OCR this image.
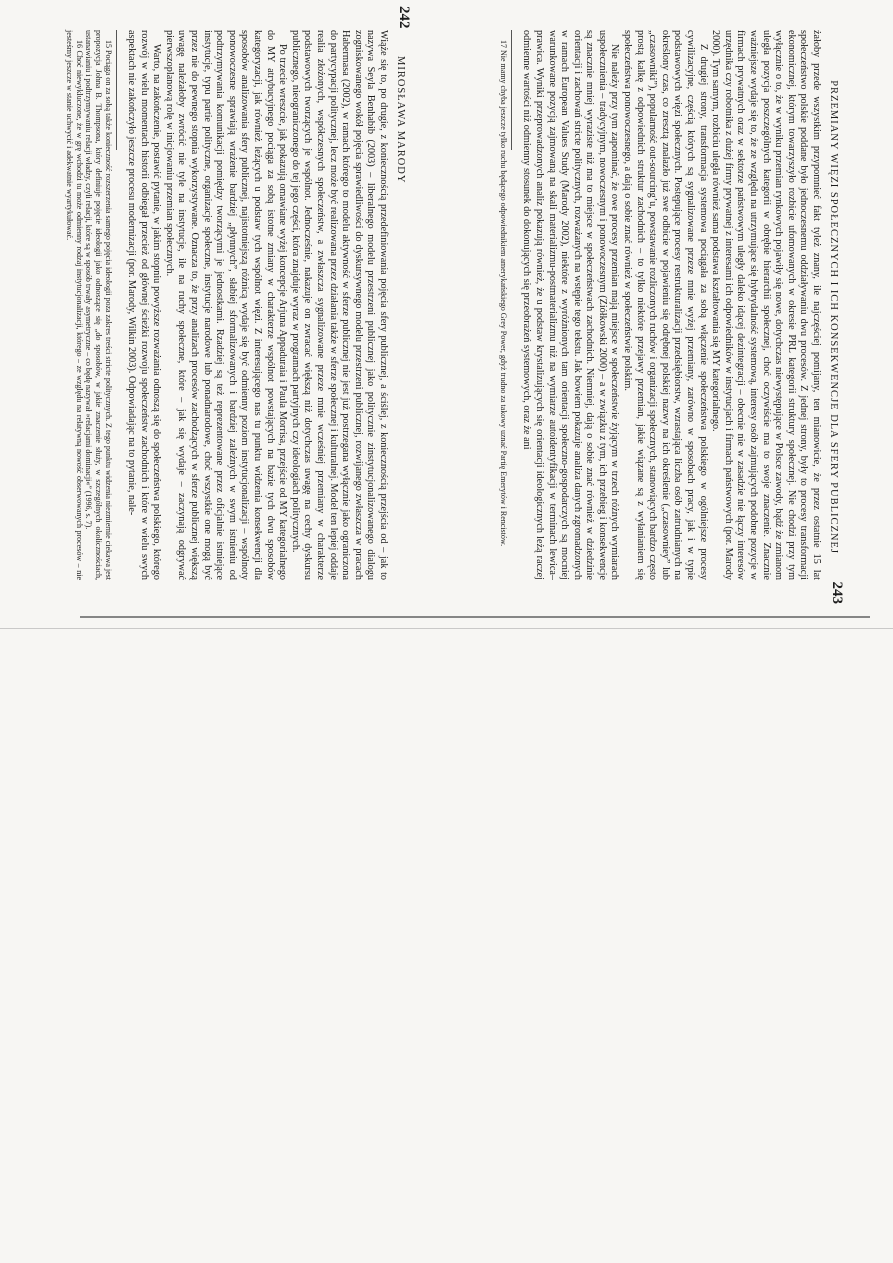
242
MIROSŁAWA MARODY

Wiąże się to, po drugie, z koniecznością przedefiniowania pojęcia sfery publicznej, a ściślej, z koniecznością przejścia od – jak to nazywa Seyla Benhabib (2003) – liberalnego modelu przestrzeni publicznej jako politycznie zinstytucjonalizowanego dialogu zogniskowanego wokół pojęcia sprawiedliwości do dyskursywnego modelu przestrzeni publicznej, rozwijanego zwłaszcza w pracach Habermasa (2002), w ramach którego to modelu aktywność w sferze publicznej nie jest już postrzegana wyłącznie jako ograniczona do partycypacji politycznej, lecz może być realizowana przez działania także w sferze społecznej i kulturalnej. Model ten lepiej oddaje realia złożonych, współczesnych społeczeństw, a zwłaszcza sygnalizowane przeze mnie wcześniej przemiany w charakterze podstawowych tworzących je wspólnot. Jednocześnie, nakazuje on zwracać większą niż dotychczas uwagę na cechy dyskursu publicznego, nieograniczonego do tej jego części, która znajduje wyraz w programach partyjnych czy ideologiach politycznych.

Po trzecie wreszcie, jak pokazują omawiane wyżej koncepcje Arjuna Appaduraia i Paula Morrisa, przejście od MY kategorialnego do MY atrybucyjnego pociąga za sobą istotne zmiany w charakterze wspólnot powstających na bazie tych dwu sposobów kategoryzacji, jak również leżących u podstaw tych wspólnot więzi. Z interesującego nas tu punktu widzenia konsekwencji dla sposobów analizowania sfery publicznej, najistotniejszą różnicą wydaje się być odmienny poziom instytucjonalizacji – wspólnoty ponowoczesne sprawiają wrażenie bardziej „płynnych”, słabiej sformalizowanych i bardziej zależnych w swym istnieniu od podtrzymywania komunikacji pomiędzy tworzącymi je jednostkami. Rzadziej są też reprezentowane przez oficjalnie istniejące instytucje, typu partie polityczne, organizacje społeczne, instytucje narodowe lub ponadnarodowe, choć wszystkie one mogą być przez nie do pewnego stopnia wykorzystywane. Oznacza to, że przy analizach procesów zachodzących w sferze publicznej większą uwagę należałoby zwrócić nie tyle na instytucje, ile na ruchy społeczne, które – jak się wydaje – zaczynają odgrywać pierwszoplanową rolę w inicjowaniu przemian społecznych.

Warto, na zakończenie, postawić pytanie, w jakim stopniu powyższe rozważania odnoszą się do społeczeństwa polskiego, którego rozwój w wielu momentach historii odbiegał przecież od głównej ścieżki rozwoju społeczeństw zachodnich i które w wielu swych aspektach nie zakończyło jeszcze procesu modernizacji (por. Marody, Wilkin 2003). Odpowiadając na to pytanie, nale-

15 Pociąga on za sobą także konieczność rozszerzenia samego pojęcia ideologii poza zakres treści stricte politycznych. Z tego punktu widzenia niezmiernie ciekawa jest propozycja Johna B. Thompsona, który definiuje pojęcie ideologii jako odnoszące się „do sposobów, w jakie znaczenie służy, w szczególnych okolicznościach, ustanawianiu i podtrzymywaniu relacji władzy, czyli relacji, które są w sposób trwały asymetryczne – co będę nazywał »relacjami dominacji«” (1996, s. 7).

16 Choć niewykluczone, że w grę wchodzi tu może odmienny rodzaj instytucjonalizacji, którego – ze względu na relatywną nowość obserwowanych procesów – nie jesteśmy jeszcze w stanie uchwycić i adekwatnie wyartykułować.

243
PRZEMIANY WIĘZI SPOŁECZNYCH I ICH KONSEKWENCJE DLA SFERY PUBLICZNEJ

żałoby przede wszystkim przypomnieć fakt tyleż znany, ile najczęściej pomijany, ten mianowicie, że przez ostatnie 15 lat społeczeństwo polskie poddane było jednoczesnemu oddziaływaniu dwu procesów. Z jednej strony, były to procesy transformacji ekonomicznej, którym towarzyszyło rozbicie ufomowanych w okresie PRL kategorii struktury społecznej. Nie chodzi przy tym wyłącznie o to, że w wyniku przemian rynkowych pojawiły się nowe, dotychczas niewystępujące w Polsce zawody, bądź że zmianom uległa pozycja poszczególnych kategorii w obrębie hierarchii społecznej, choć oczywiście ma to swoje znaczenie. Znacznie ważniejsze wydaje się to, że ze względu na utrzymujące się hybrydalność systemową, interesy osób zajmujących podobne pozycje w firmach prywatnych oraz w sektorze państwowym uległy daleko idącej dezintegracji – obecnie nie w zasadzie nie łączy interesów urzędnika czy robotnika z dużej firmy prywatnej z interesami ich odpowiedników w instytucjach i firmach państwowych (por. Marody 2000). Tym samym, rozbiciu uległa również sama podstawa kształtowania się MY kategorialnego.

Z drugiej strony, transformacja systemowa pociągała za sobą włączenie społeczeństwa polskiego w ogólniejsze procesy cywilizacyjne, częścią których są sygnalizowane przeze mnie wyżej przemiany, zarówno w sposobach pracy, jak i w typie podstawowych więzi społecznych. Postępujące procesy restrukturalizacji przedsiębiorstw, wzrastająca liczba osób zatrudnianych na określony czas, co zresztą znalazło już swe odbicie w pojawieniu się odrębnej polskiej nazwy na ich określenie („czasowniey” lub „czasowniki”), popularność out-sourcing’u, powstawanie rozliczonych ruchów i organizacji społecznych, stanowiących bardzo często prostą kalkę z odpowiednich struktur zachodnich – to tylko niektóre przejawy przemian, jakie wiązane są z wyłanianiem się społeczeństwa ponowoczesnego, a dają o sobie znać również w społeczeństwie polskim.

Nie należy przy tym zapominać, że owe procesy przemian mają miejsce w społeczeństwie żyjącym w trzech różnych wymiarach uspołecznienia – tradycyjnym, nowoczesnym i ponowoczesnym (Ziółkowski 2000) – a w związku z tym, ich przebieg i konsekwencje są znacznie mniej wyraziste niż ma to miejsce w społeczeństwach zachodnich. Niemniej, dają o sobie znać również w dziedzinie orientacji i zachowań stricte politycznych, rozważanych na wstępie tego tekstu. Jak bowiem pokazuje analiza danych zgromadzonych w ramach European Values Study (Marody 2002), niektóre z wyróżnionych tam orientacji społeczno-gospodarczych są mocniej warunkowane pozycją zajmowaną na skali materializmu-postmaterializmu niż na wymiarze autoidentyfikacji w terminach lewica–prawica. Wyniki przeprowadzonych analiz pokazują również, że u podstaw krystalizujących się orientacji ideologicznych leżą raczej odmienne wartości niż odmienny stosunek do dokonujących się przeobrażeń systemowych, oraz że ani

17 Nie mamy chyba jeszcze tylko ruchu będącego odpowiednikiem amerykańskiego Grey Power, gdyż trudno za takowy uznać Partię Emerytów i Rencistów.
